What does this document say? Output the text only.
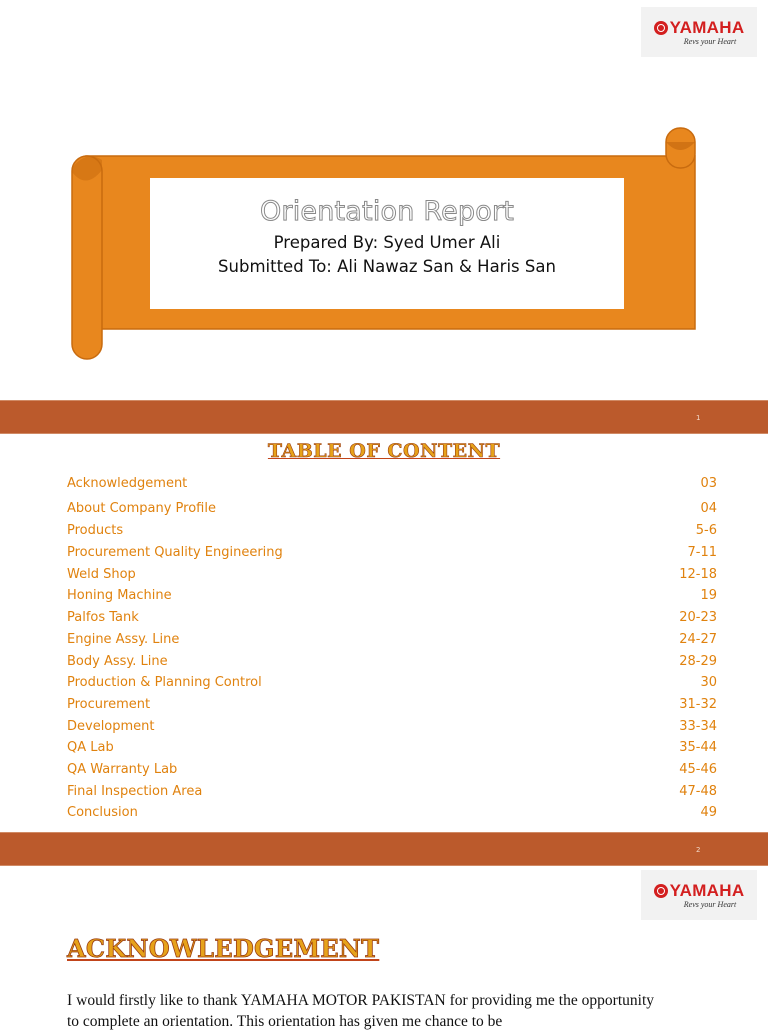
YAMAHA
Revs your Heart
Orientation Report
Prepared By: Syed Umer Ali
Submitted To: Ali Nawaz San & Haris San
1
TABLE OF CONTENT
Acknowledgement	03
About Company Profile	04
Products	5-6
Procurement Quality Engineering	7-11
Weld Shop	12-18
Honing Machine	19
Palfos Tank	20-23
Engine Assy. Line	24-27
Body Assy. Line	28-29
Production & Planning Control	30
Procurement	31-32
Development	33-34
QA Lab	35-44
QA Warranty Lab	45-46
Final Inspection Area	47-48
Conclusion	49
2
YAMAHA
Revs your Heart
ACKNOWLEDGEMENT
I would firstly like to thank YAMAHA MOTOR PAKISTAN for providing me the opportunity to complete an orientation. This orientation has given me chance to be
